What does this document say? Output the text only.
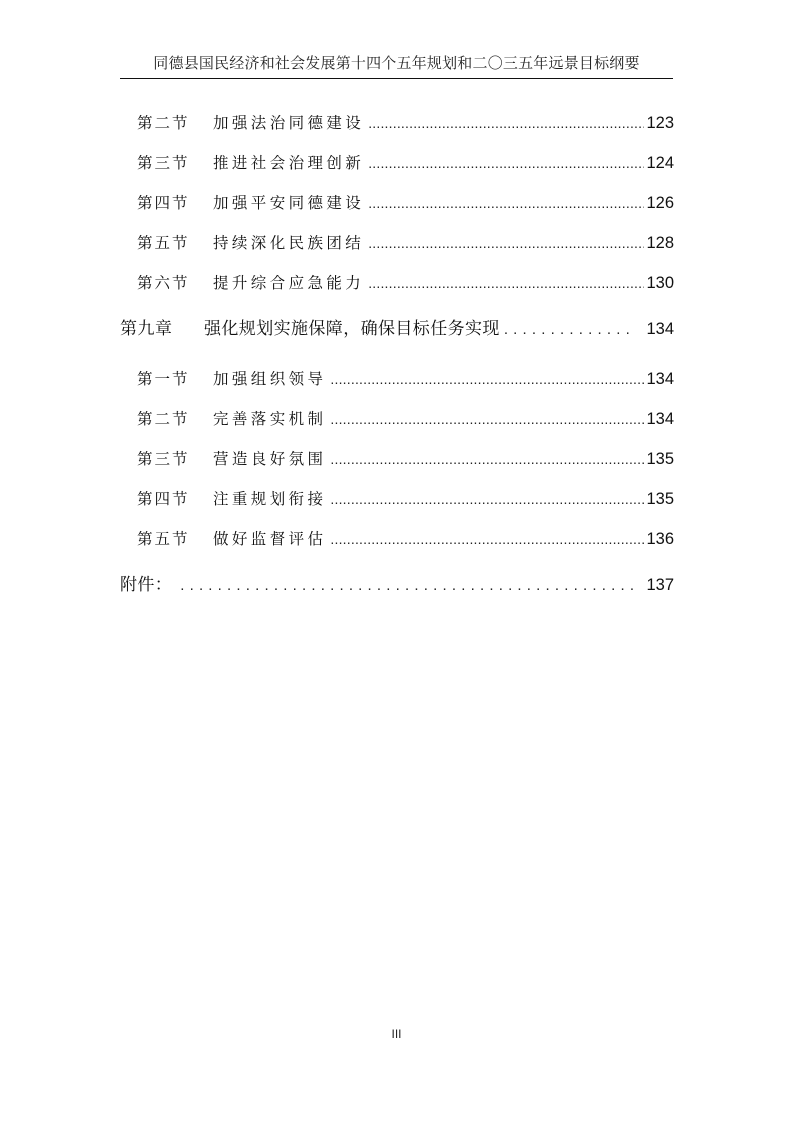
同德县国民经济和社会发展第十四个五年规划和二〇三五年远景目标纲要
第二节	加强法治同德建设 .....	123
第三节	推进社会治理创新 .....	124
第四节	加强平安同德建设 .....	126
第五节	持续深化民族团结 .....	128
第六节	提升综合应急能力 .....	130
第九章	强化规划实施保障，确保目标任务实现 .....	134
第一节	加强组织领导 .....	134
第二节	完善落实机制 .....	134
第三节	营造良好氛围 .....	135
第四节	注重规划衔接 .....	135
第五节	做好监督评估 .....	136
附件： .....	137
III
